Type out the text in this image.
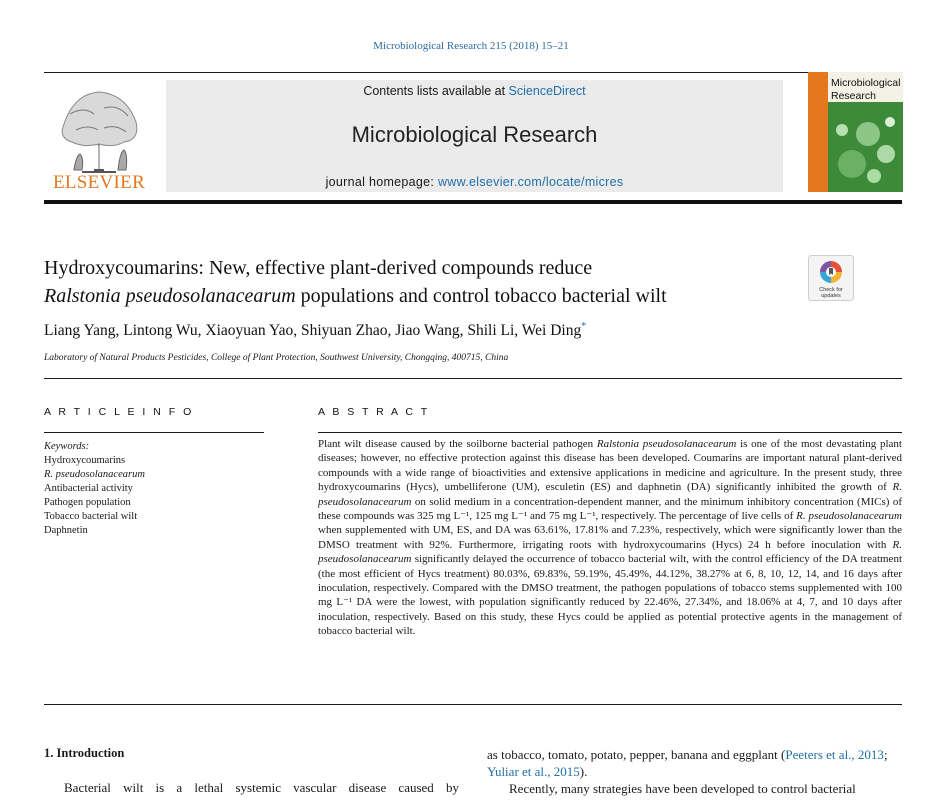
Microbiological Research 215 (2018) 15–21
ELSEVIER
Contents lists available at ScienceDirect
Microbiological Research
journal homepage: www.elsevier.com/locate/micres
Microbiological
Research
Hydroxycoumarins: New, effective plant-derived compounds reduce
Ralstonia pseudosolanacearum populations and control tobacco bacterial wilt	Check for
updates
Liang Yang, Lintong Wu, Xiaoyuan Yao, Shiyuan Zhao, Jiao Wang, Shili Li, Wei Ding*
Laboratory of Natural Products Pesticides, College of Plant Protection, Southwest University, Chongqing, 400715, China
A R T I C L E I N F O
Keywords:
Hydroxycoumarins
R. pseudosolanacearum
Antibacterial activity
Pathogen population
Tobacco bacterial wilt
Daphnetin
A B S T R A C T
Plant wilt disease caused by the soilborne bacterial pathogen Ralstonia pseudosolanacearum is one of the most devastating plant diseases; however, no effective protection against this disease has been developed. Coumarins are important natural plant-derived compounds with a wide range of bioactivities and extensive applications in medicine and agriculture. In the present study, three hydroxycoumarins (Hycs), umbelliferone (UM), esculetin (ES) and daphnetin (DA) significantly inhibited the growth of R. pseudosolanacearum on solid medium in a concentration-dependent manner, and the minimum inhibitory concentration (MICs) of these compounds was 325 mg L⁻¹, 125 mg L⁻¹ and 75 mg L⁻¹, respectively. The percentage of live cells of R. pseudosolanacearum when supplemented with UM, ES, and DA was 63.61%, 17.81% and 7.23%, respectively, which were significantly lower than the DMSO treatment with 92%. Furthermore, irrigating roots with hydroxycoumarins (Hycs) 24 h before inoculation with R. pseudosolanacearum significantly delayed the occurrence of tobacco bacterial wilt, with the control efficiency of the DA treatment (the most efficient of Hycs treatment) 80.03%, 69.83%, 59.19%, 45.49%, 44.12%, 38.27% at 6, 8, 10, 12, 14, and 16 days after inoculation, respectively. Compared with the DMSO treatment, the pathogen populations of tobacco stems supplemented with 100 mg L⁻¹ DA were the lowest, with population significantly reduced by 22.46%, 27.34%, and 18.06% at 4, 7, and 10 days after inoculation, respectively. Based on this study, these Hycs could be applied as potential protective agents in the management of tobacco bacterial wilt.
1. Introduction
Bacterial wilt is a lethal systemic vascular disease caused by
as tobacco, tomato, potato, pepper, banana and eggplant (Peeters et al., 2013; Yuliar et al., 2015).
Recently, many strategies have been developed to control bacterial
